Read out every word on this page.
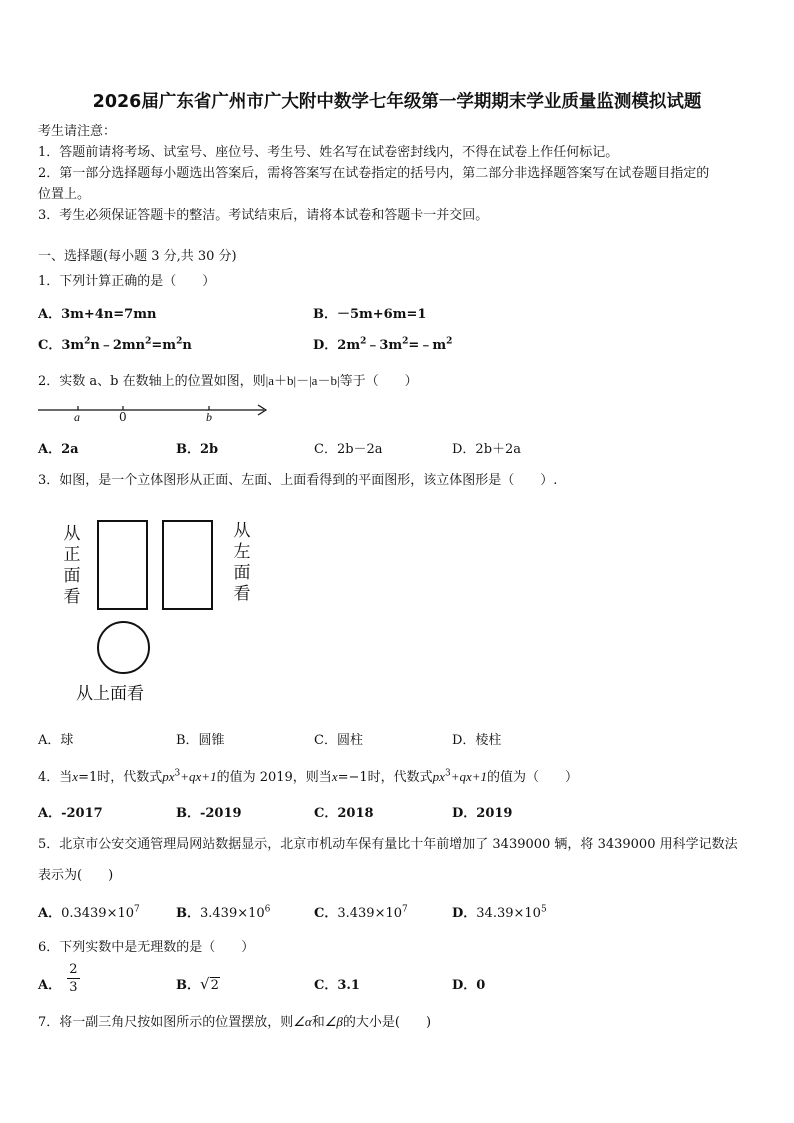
2026届广东省广州市广大附中数学七年级第一学期期末学业质量监测模拟试题
考生请注意：
1．答题前请将考场、试室号、座位号、考生号、姓名写在试卷密封线内，不得在试卷上作任何标记。
2．第一部分选择题每小题选出答案后，需将答案写在试卷指定的括号内，第二部分非选择题答案写在试卷题目指定的
位置上。
3．考生必须保证答题卡的整洁。考试结束后，请将本试卷和答题卡一并交回。
一、选择题(每小题 3 分,共 30 分)
1．下列计算正确的是（　　）
A．3m+4n=7mn	B．－5m+6m=1
C．$3m^2n﹣2mn^2=m^2n$	D．$2m^2﹣3m^2=﹣m^2$
2．实数 a、b 在数轴上的位置如图，则|a＋b|－|a－b|等于（　　）
a	0	b
A．2a	B．2b	C．2b－2a	D．2b＋2a
3．如图，是一个立体图形从正面、左面、上面看得到的平面图形，该立体图形是（　　）.
从
正
面
看
从
左
面
看
从上面看
A．球	B．圆锥	C．圆柱	D．棱柱
4．当x=1时，代数式$px^3+qx+1$的值为 2019，则当x=−1时，代数式$px^3+qx+1$的值为（　　）
A．-2017	B．-2019	C．2018	D．2019
5．北京市公安交通管理局网站数据显示，北京市机动车保有量比十年前增加了 3439000 辆，将 3439000 用科学记数法
表示为(　　)
A．$0.3439\times 10^7$	B．$3.439\times 10^6$	C．$3.439\times 10^7$	D．$34.39\times 10^5$
6．下列实数中是无理数的是（　　）
A． $\frac{2}{3}$	B．√2	C．3.1	D．0
7．将一副三角尺按如图所示的位置摆放，则∠α和∠β的大小是(　　)
